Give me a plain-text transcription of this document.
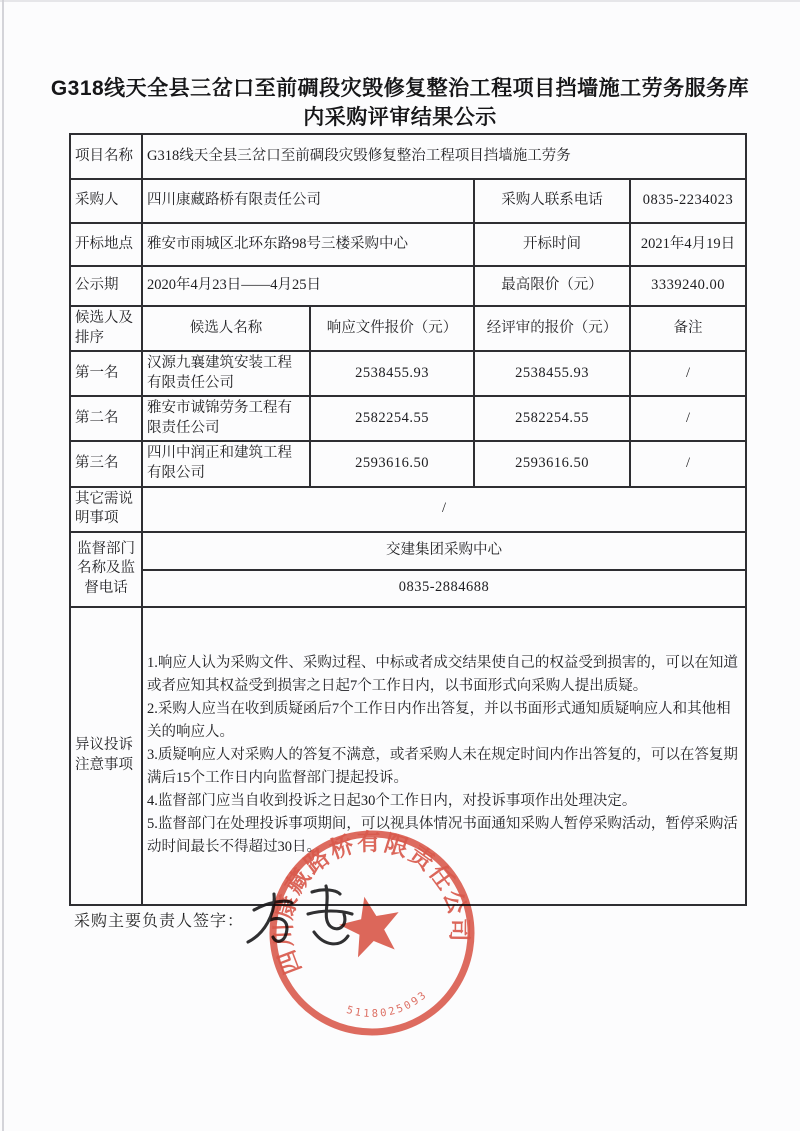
G318线天全县三岔口至前碉段灾毁修复整治工程项目挡墙施工劳务服务库
内采购评审结果公示
项目名称	G318线天全县三岔口至前碉段灾毁修复整治工程项目挡墙施工劳务			
采购人	四川康藏路桥有限责任公司		采购人联系电话	0835-2234023
开标地点	雅安市雨城区北环东路98号三楼采购中心		开标时间	2021年4月19日
公示期	2020年4月23日——4月25日		最高限价（元）	3339240.00
候选人及排序	候选人名称	响应文件报价（元）	经评审的报价（元）	备注
第一名	汉源九襄建筑安装工程有限责任公司	2538455.93	2538455.93	/
第二名	雅安市诚锦劳务工程有限责任公司	2582254.55	2582254.55	/
第三名	四川中润正和建筑工程有限公司	2593616.50	2593616.50	/
其它需说明事项	/			
监督部门名称及监督电话	交建集团采购中心			
	0835-2884688			
异议投诉注意事项	1.响应人认为采购文件、采购过程、中标或者成交结果使自己的权益受到损害的，可以在知道或者应知其权益受到损害之日起7个工作日内，以书面形式向采购人提出质疑。
2.采购人应当在收到质疑函后7个工作日内作出答复，并以书面形式通知质疑响应人和其他相关的响应人。
3.质疑响应人对采购人的答复不满意，或者采购人未在规定时间内作出答复的，可以在答复期满后15个工作日内向监督部门提起投诉。
4.监督部门应当自收到投诉之日起30个工作日内，对投诉事项作出处理决定。
5.监督部门在处理投诉事项期间，可以视具体情况书面通知采购人暂停采购活动，暂停采购活动时间最长不得超过30日。			
采购主要负责人签字：
四川康藏路桥有限责任公司
5118025093
